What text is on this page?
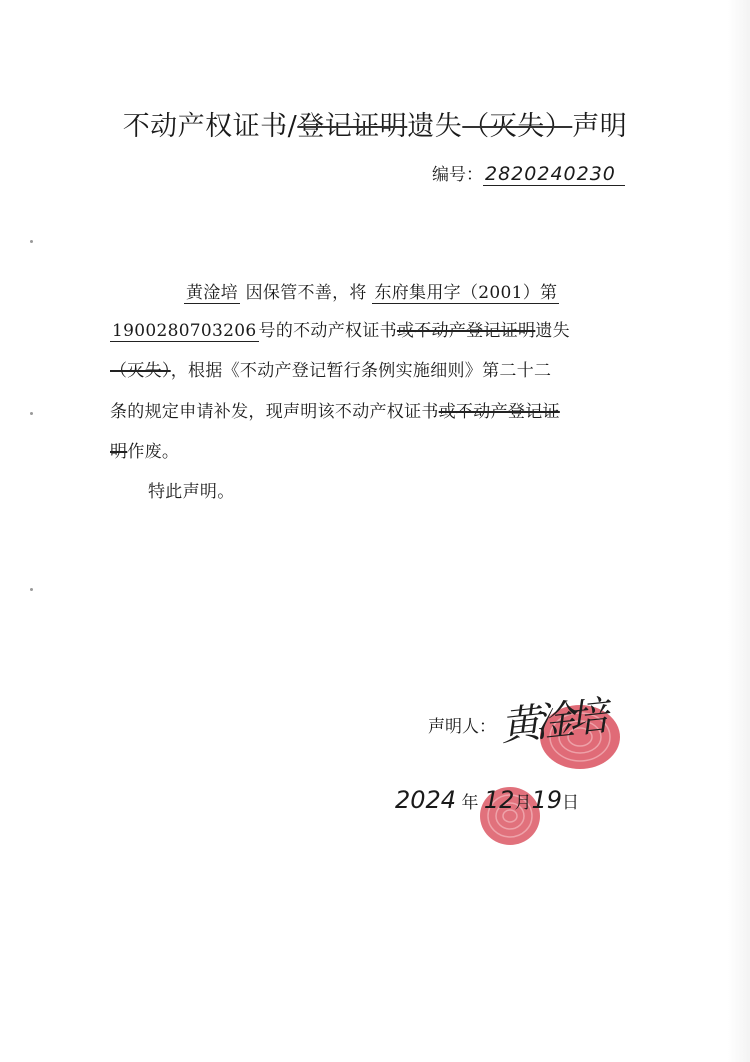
不动产权证书/登记证明遗失（灭失）声明
编号： 2820240230
黄淦培 因保管不善，将 东府集用字（2001）第
1900280703206 号的不动产权证书或不动产登记证明遗失
（灭失），根据《不动产登记暂行条例实施细则》第二十二
条的规定申请补发，现声明该不动产权证书或不动产登记证
明作废。
特此声明。
声明人： 黄淦培
2024 年 12月19日
